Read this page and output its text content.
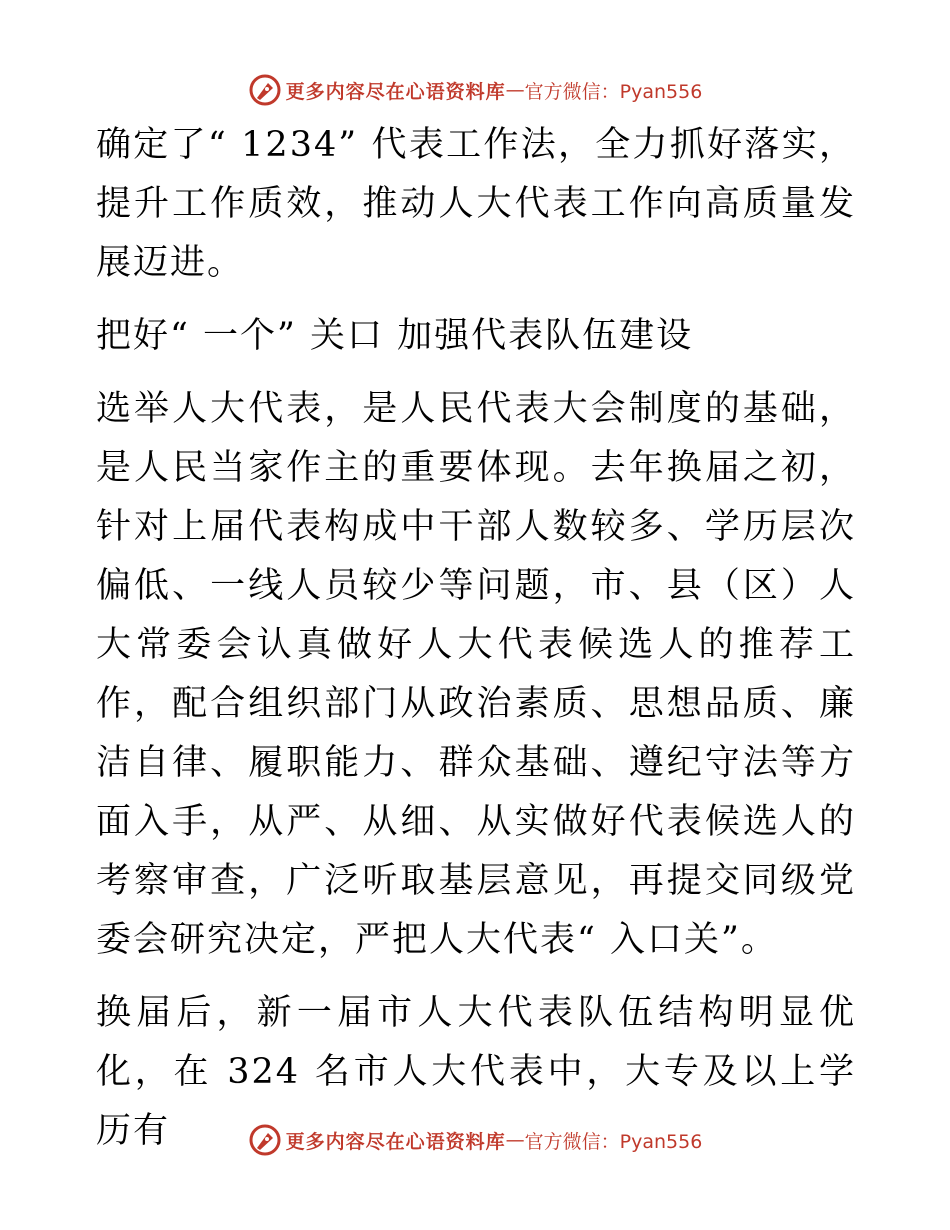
更多内容尽在心语资料库 — 官方微信：Pyan556

确定了“ 1234” 代表工作法，全力抓好落实，提升工作质效，推动人大代表工作向高质量发展迈进。

把好“ 一个” 关口 加强代表队伍建设

选举人大代表，是人民代表大会制度的基础，是人民当家作主的重要体现。去年换届之初，针对上届代表构成中干部人数较多、学历层次偏低、一线人员较少等问题，市、县（区）人大常委会认真做好人大代表候选人的推荐工作，配合组织部门从政治素质、思想品质、廉洁自律、履职能力、群众基础、遵纪守法等方面入手，从严、从细、从实做好代表候选人的考察审查，广泛听取基层意见，再提交同级党委会研究决定，严把人大代表“ 入口关”。

换届后，新一届市人大代表队伍结构明显优化，在 324 名市人大代表中，大专及以上学历有	更多内容尽在心语资料库 — 官方微信：Pyan556
